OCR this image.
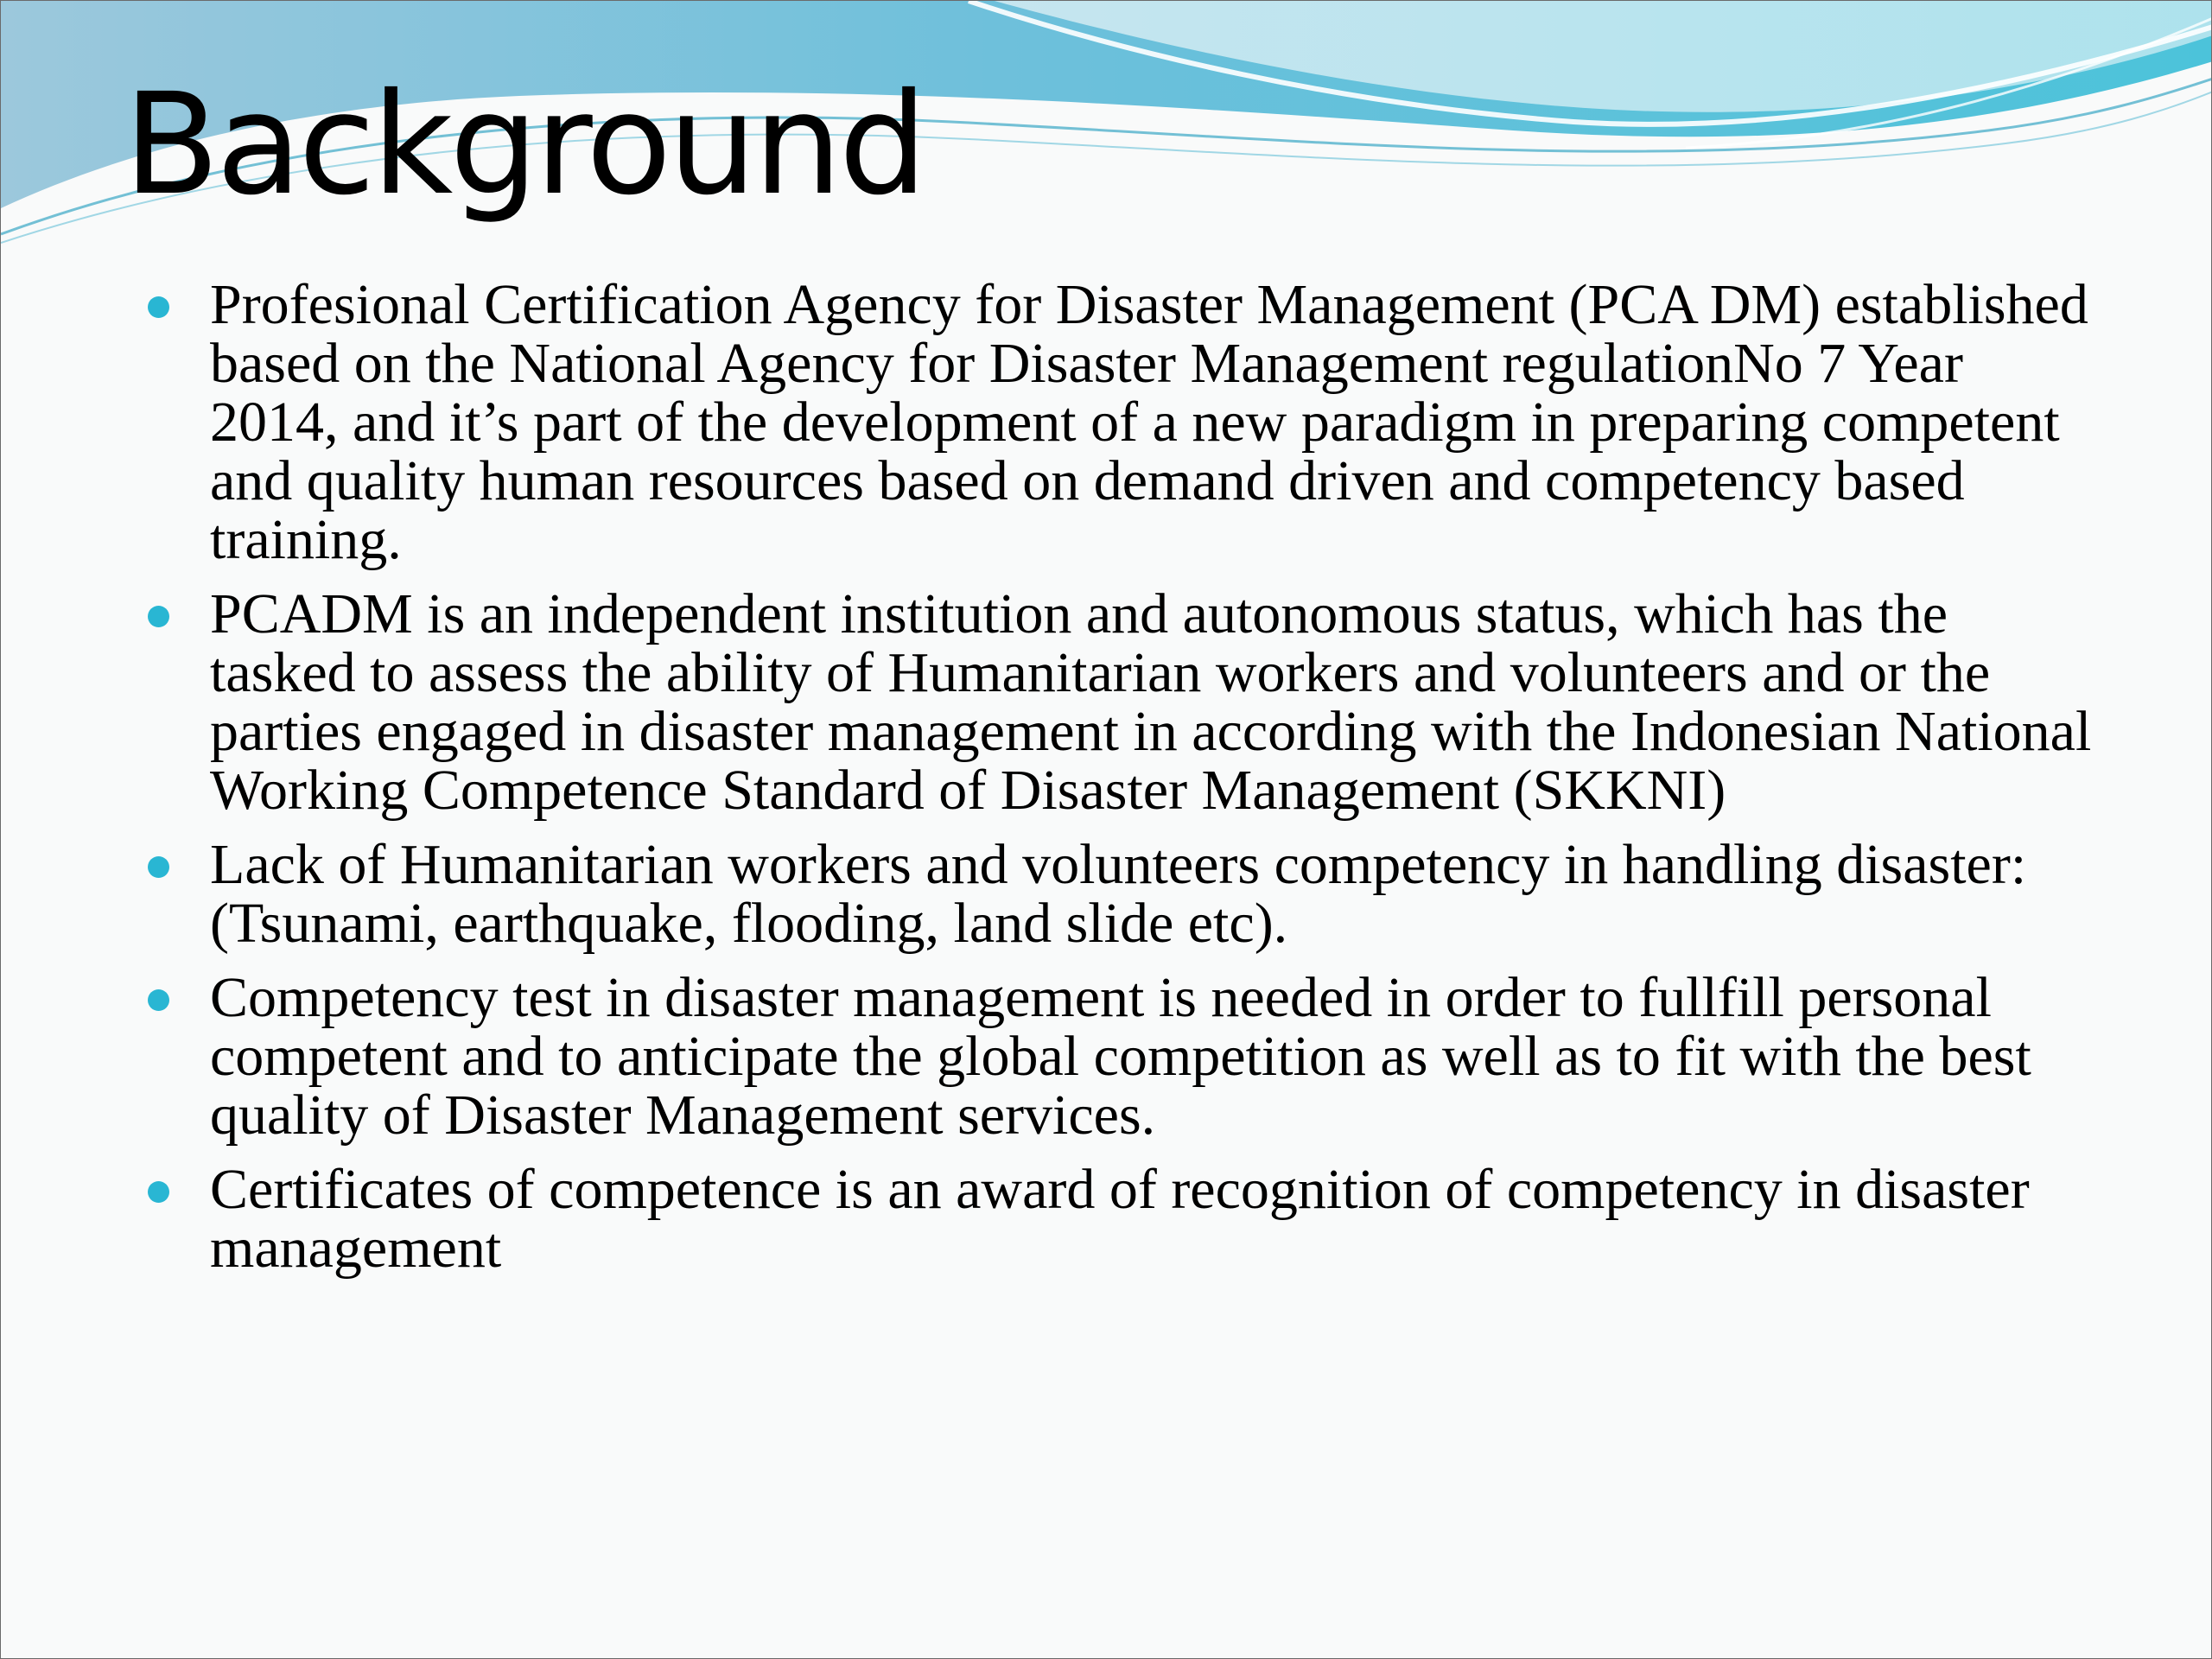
Background
Profesional Certification Agency for Disaster Management (PCA DM) established based on the National Agency for Disaster Management regulationNo 7 Year 2014, and it’s part of the development of a new paradigm in preparing competent and quality human resources based on demand driven and competency based training.
PCADM is an independent institution and autonomous status, which has the tasked to assess the ability of Humanitarian workers and volunteers and or the parties engaged in disaster management in according with the Indonesian National Working Competence Standard of Disaster Management (SKKNI)
Lack of Humanitarian workers and volunteers competency in handling disaster: (Tsunami, earthquake, flooding, land slide etc).
Competency test in disaster management is needed in order to fullfill personal competent and to anticipate the global competition as well as to fit with the best quality of Disaster Management services.
Certificates of competence is an award of recognition of competency in disaster management
